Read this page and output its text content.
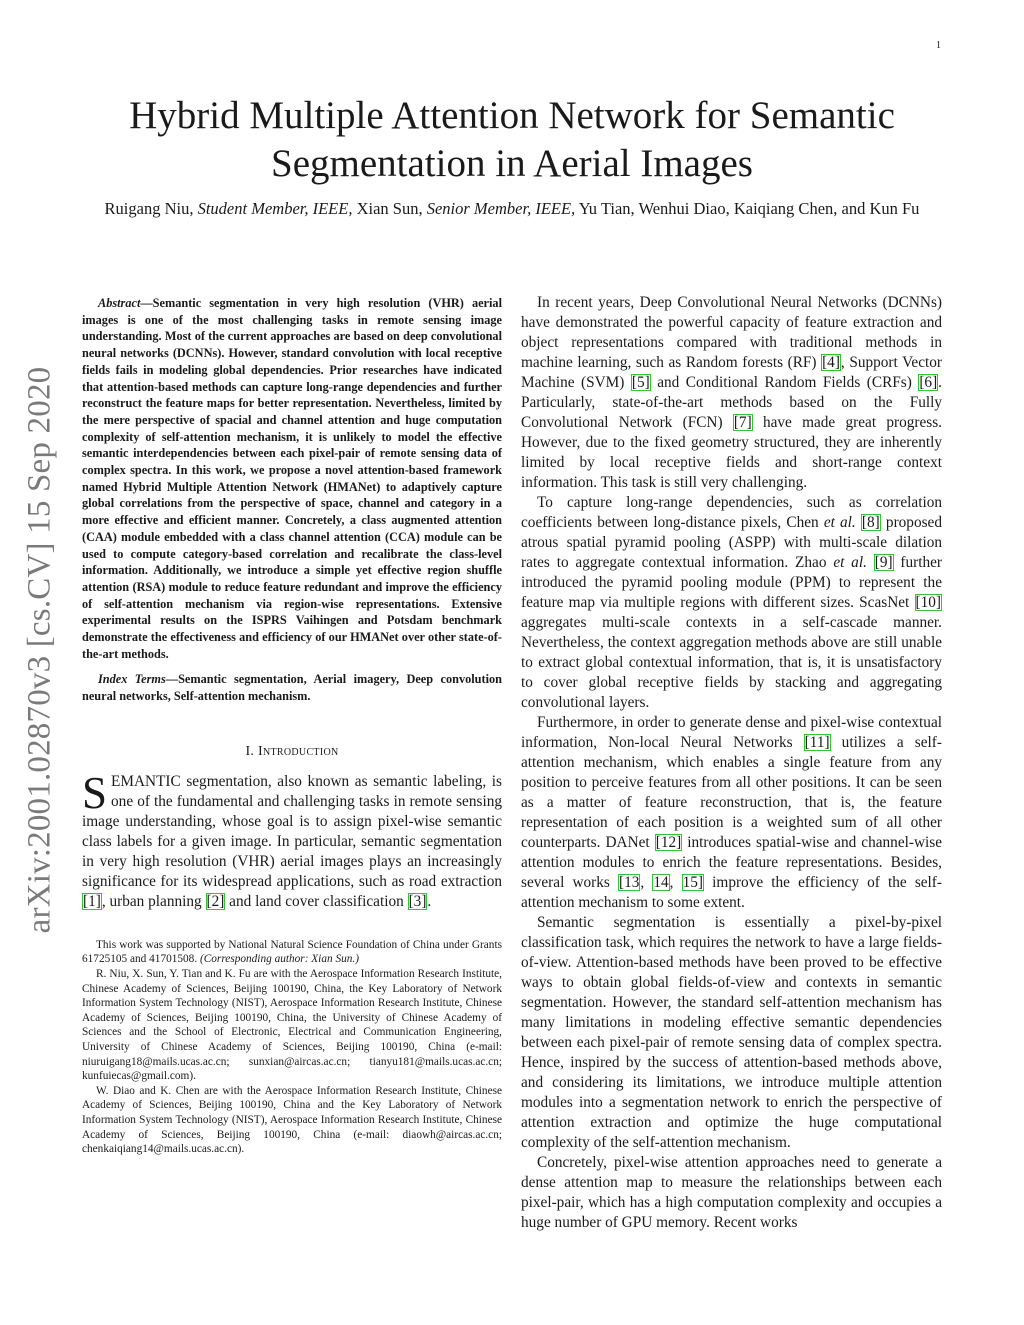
1
arXiv:2001.02870v3 [cs.CV] 15 Sep 2020
Hybrid Multiple Attention Network for Semantic Segmentation in Aerial Images
Ruigang Niu, Student Member, IEEE, Xian Sun, Senior Member, IEEE, Yu Tian, Wenhui Diao, Kaiqiang Chen, and Kun Fu

Abstract—Semantic segmentation in very high resolution (VHR) aerial images is one of the most challenging tasks in remote sensing image understanding. Most of the current approaches are based on deep convolutional neural networks (DCNNs). However, standard convolution with local receptive fields fails in modeling global dependencies. Prior researches have indicated that attention-based methods can capture long-range dependencies and further reconstruct the feature maps for better representation. Nevertheless, limited by the mere perspective of spacial and channel attention and huge computation complexity of self-attention mechanism, it is unlikely to model the effective semantic interdependencies between each pixel-pair of remote sensing data of complex spectra. In this work, we propose a novel attention-based framework named Hybrid Multiple Attention Network (HMANet) to adaptively capture global correlations from the perspective of space, channel and category in a more effective and efficient manner. Concretely, a class augmented attention (CAA) module embedded with a class channel attention (CCA) module can be used to compute category-based correlation and recalibrate the class-level information. Additionally, we introduce a simple yet effective region shuffle attention (RSA) module to reduce feature redundant and improve the efficiency of self-attention mechanism via region-wise representations. Extensive experimental results on the ISPRS Vaihingen and Potsdam benchmark demonstrate the effectiveness and efficiency of our HMANet over other state-of-the-art methods.

Index Terms—Semantic segmentation, Aerial imagery, Deep convolution neural networks, Self-attention mechanism.

I. Introduction

SEMANTIC segmentation, also known as semantic labeling, is one of the fundamental and challenging tasks in remote sensing image understanding, whose goal is to assign pixel-wise semantic class labels for a given image. In particular, semantic segmentation in very high resolution (VHR) aerial images plays an increasingly significance for its widespread applications, such as road extraction [1], urban planning [2] and land cover classification [3].

This work was supported by National Natural Science Foundation of China under Grants 61725105 and 41701508. (Corresponding author: Xian Sun.)

R. Niu, X. Sun, Y. Tian and K. Fu are with the Aerospace Information Research Institute, Chinese Academy of Sciences, Beijing 100190, China, the Key Laboratory of Network Information System Technology (NIST), Aerospace Information Research Institute, Chinese Academy of Sciences, Beijing 100190, China, the University of Chinese Academy of Sciences and the School of Electronic, Electrical and Communication Engineering, University of Chinese Academy of Sciences, Beijing 100190, China (e-mail: niuruigang18@mails.ucas.ac.cn; sunxian@aircas.ac.cn; tianyu181@mails.ucas.ac.cn; kunfuiecas@gmail.com).

W. Diao and K. Chen are with the Aerospace Information Research Institute, Chinese Academy of Sciences, Beijing 100190, China and the Key Laboratory of Network Information System Technology (NIST), Aerospace Information Research Institute, Chinese Academy of Sciences, Beijing 100190, China (e-mail: diaowh@aircas.ac.cn; chenkaiqiang14@mails.ucas.ac.cn).

In recent years, Deep Convolutional Neural Networks (DCNNs) have demonstrated the powerful capacity of feature extraction and object representations compared with traditional methods in machine learning, such as Random forests (RF) [4], Support Vector Machine (SVM) [5] and Conditional Random Fields (CRFs) [6]. Particularly, state-of-the-art methods based on the Fully Convolutional Network (FCN) [7] have made great progress. However, due to the fixed geometry structured, they are inherently limited by local receptive fields and short-range context information. This task is still very challenging.

To capture long-range dependencies, such as correlation coefficients between long-distance pixels, Chen et al. [8] proposed atrous spatial pyramid pooling (ASPP) with multi-scale dilation rates to aggregate contextual information. Zhao et al. [9] further introduced the pyramid pooling module (PPM) to represent the feature map via multiple regions with different sizes. ScasNet [10] aggregates multi-scale contexts in a self-cascade manner. Nevertheless, the context aggregation methods above are still unable to extract global contextual information, that is, it is unsatisfactory to cover global receptive fields by stacking and aggregating convolutional layers.

Furthermore, in order to generate dense and pixel-wise contextual information, Non-local Neural Networks [11] utilizes a self-attention mechanism, which enables a single feature from any position to perceive features from all other positions. It can be seen as a matter of feature reconstruction, that is, the feature representation of each position is a weighted sum of all other counterparts. DANet [12] introduces spatial-wise and channel-wise attention modules to enrich the feature representations. Besides, several works [13, 14, 15] improve the efficiency of the self-attention mechanism to some extent.

Semantic segmentation is essentially a pixel-by-pixel classification task, which requires the network to have a large fields-of-view. Attention-based methods have been proved to be effective ways to obtain global fields-of-view and contexts in semantic segmentation. However, the standard self-attention mechanism has many limitations in modeling effective semantic dependencies between each pixel-pair of remote sensing data of complex spectra. Hence, inspired by the success of attention-based methods above, and considering its limitations, we introduce multiple attention modules into a segmentation network to enrich the perspective of attention extraction and optimize the huge computational complexity of the self-attention mechanism.

Concretely, pixel-wise attention approaches need to generate a dense attention map to measure the relationships between each pixel-pair, which has a high computation complexity and occupies a huge number of GPU memory. Recent works
